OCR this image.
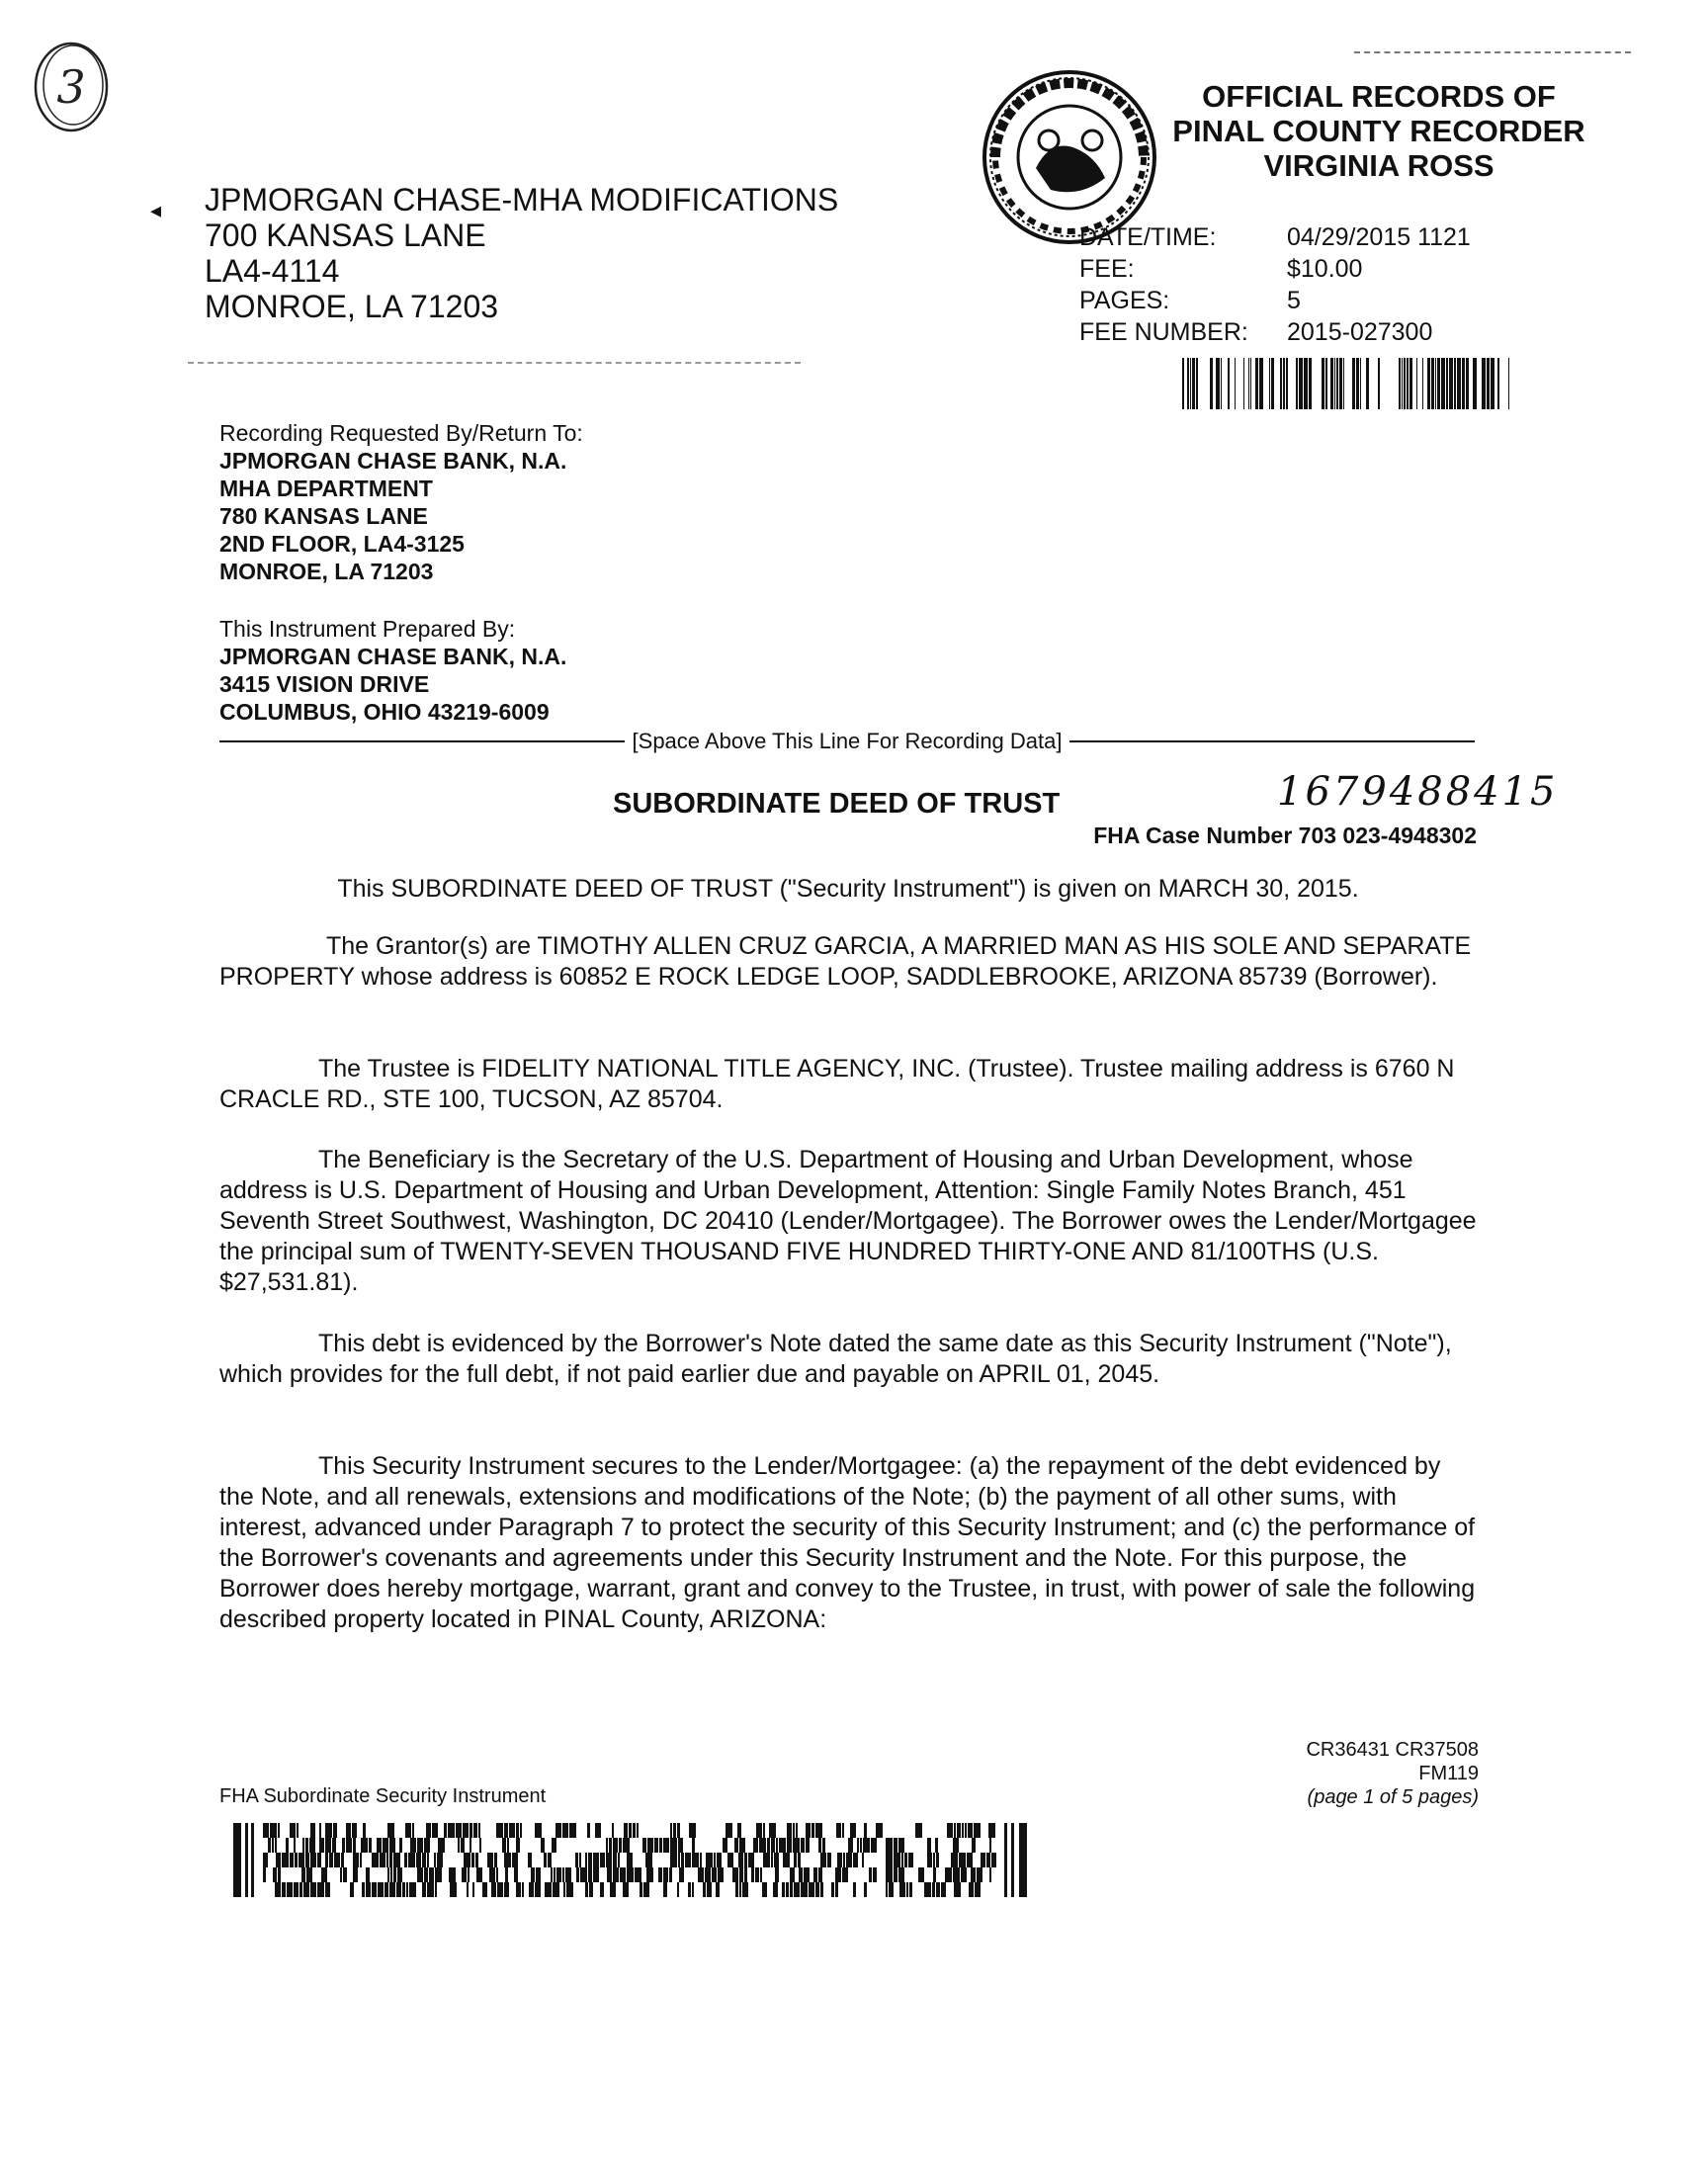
3
◂ JPMORGAN CHASE-MHA MODIFICATIONS
700 KANSAS LANE
LA4-4114
MONROE, LA 71203
OFFICIAL RECORDS OF
PINAL COUNTY RECORDER
VIRGINIA ROSS
DATE/TIME:	04/29/2015 1121
FEE:	$10.00
PAGES:	5
FEE NUMBER:	2015-027300
Recording Requested By/Return To:
JPMORGAN CHASE BANK, N.A.
MHA DEPARTMENT
780 KANSAS LANE
2ND FLOOR, LA4-3125
MONROE, LA 71203
This Instrument Prepared By:
JPMORGAN CHASE BANK, N.A.
3415 VISION DRIVE
COLUMBUS, OHIO 43219-6009
[Space Above This Line For Recording Data]
SUBORDINATE DEED OF TRUST	1679488415
FHA Case Number 703 023-4948302
This SUBORDINATE DEED OF TRUST ("Security Instrument") is given on MARCH 30, 2015.
The Grantor(s) are TIMOTHY ALLEN CRUZ GARCIA, A MARRIED MAN AS HIS SOLE AND SEPARATE PROPERTY whose address is 60852 E ROCK LEDGE LOOP, SADDLEBROOKE, ARIZONA 85739 (Borrower).
The Trustee is FIDELITY NATIONAL TITLE AGENCY, INC. (Trustee). Trustee mailing address is 6760 N CRACLE RD., STE 100, TUCSON, AZ 85704.
The Beneficiary is the Secretary of the U.S. Department of Housing and Urban Development, whose address is U.S. Department of Housing and Urban Development, Attention: Single Family Notes Branch, 451 Seventh Street Southwest, Washington, DC 20410 (Lender/Mortgagee). The Borrower owes the Lender/Mortgagee the principal sum of TWENTY-SEVEN THOUSAND FIVE HUNDRED THIRTY-ONE AND 81/100THS (U.S. $27,531.81).
This debt is evidenced by the Borrower's Note dated the same date as this Security Instrument ("Note"), which provides for the full debt, if not paid earlier due and payable on APRIL 01, 2045.
This Security Instrument secures to the Lender/Mortgagee: (a) the repayment of the debt evidenced by the Note, and all renewals, extensions and modifications of the Note; (b) the payment of all other sums, with interest, advanced under Paragraph 7 to protect the security of this Security Instrument; and (c) the performance of the Borrower's covenants and agreements under this Security Instrument and the Note. For this purpose, the Borrower does hereby mortgage, warrant, grant and convey to the Trustee, in trust, with power of sale the following described property located in PINAL County, ARIZONA:
FHA Subordinate Security Instrument
CR36431 CR37508
FM119
(page 1 of 5 pages)
